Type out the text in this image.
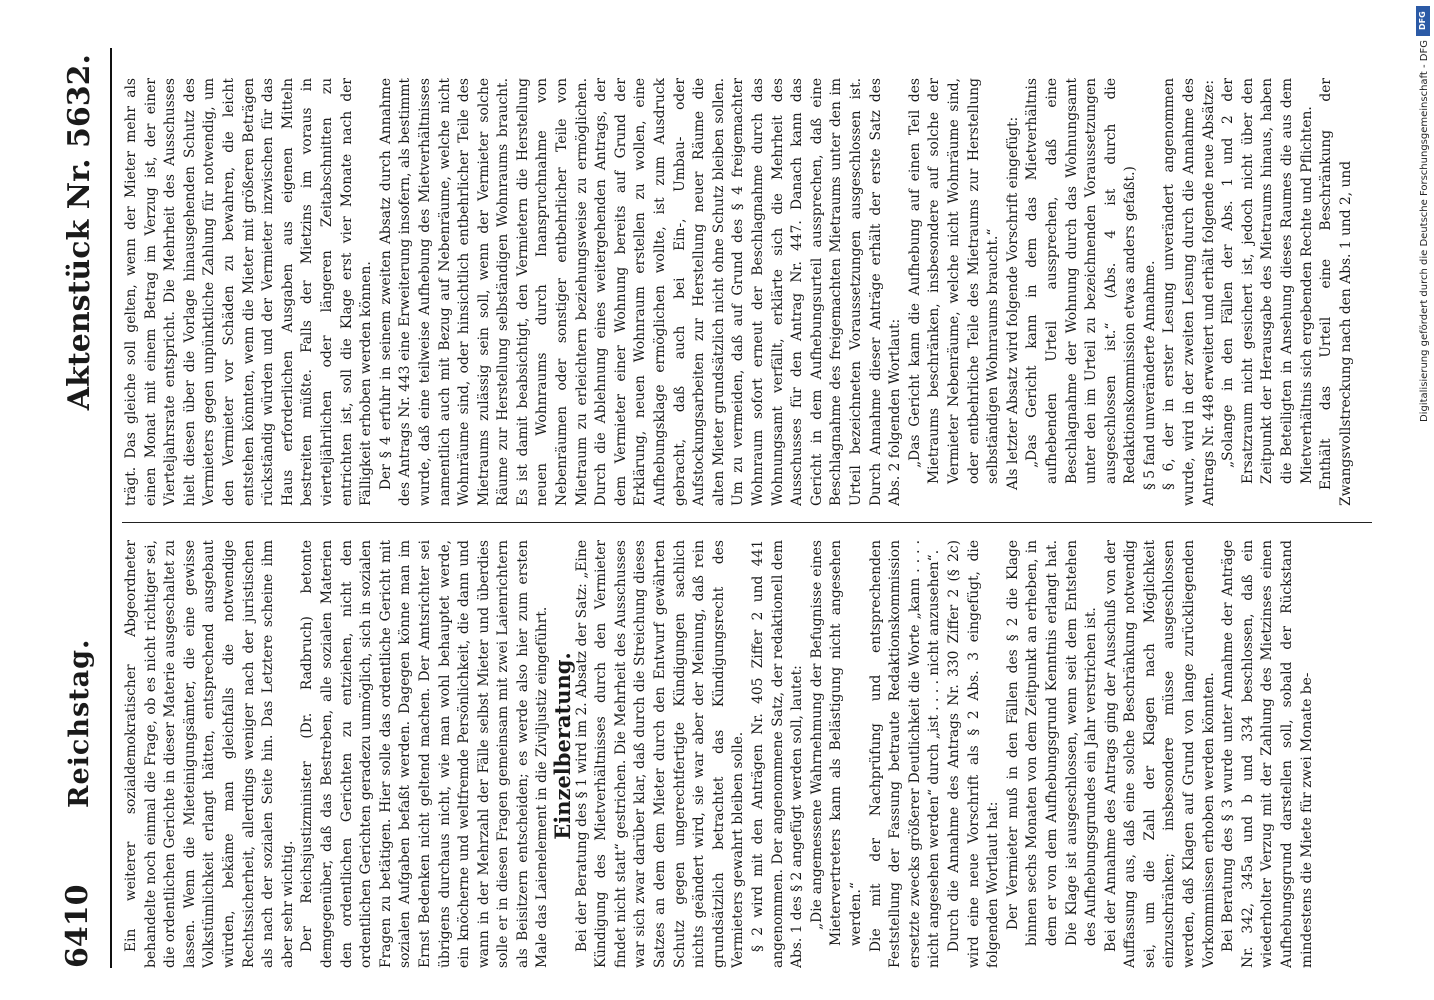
6410
Reichstag.
Aktenstück Nr. 5632.

Ein weiterer sozialdemokratischer Abgeordneter behandelte noch einmal die Frage, ob es nicht richtiger sei, die ordentlichen Gerichte in dieser Materie ausgeschaltet zu lassen. Wenn die Mieteinigungsämter, die eine gewisse Volkstümlichkeit erlangt hätten, entsprechend ausgebaut würden, bekäme man gleichfalls die notwendige Rechtssicherheit, allerdings weniger nach der juristischen als nach der sozialen Seite hin. Das Letztere scheine ihm aber sehr wichtig. Der Reichsjustizminister (Dr. Radbruch) betonte demgegenüber, daß das Bestreben, alle sozialen Materien den ordentlichen Gerichten zu entziehen, nicht den ordentlichen Gerichten geradezu unmöglich, sich in sozialen Fragen zu betätigen. Hier solle das ordentliche Gericht mit sozialen Aufgaben befaßt werden. Dagegen könne man im Ernst Bedenken nicht geltend machen. Der Amtsrichter sei übrigens durchaus nicht, wie man wohl behauptet werde, ein knöcherne und weltfremde Persönlichkeit, die dann und wann in der Mehrzahl der Fälle selbst Mieter und überdies solle er in diesen Fragen gemeinsam mit zwei Laienrichtern als Beisitzern entscheiden; es werde also hier zum ersten Male das Laienelement in die Ziviljustiz eingeführt. Einzelberatung.

Bei der Beratung des § 1 wird im 2. Absatz der Satz: „Eine Kündigung des Mietverhältnisses durch den Vermieter findet nicht statt“ gestrichen. Die Mehrheit des Ausschusses war sich zwar darüber klar, daß durch die Streichung dieses Satzes an dem dem Mieter durch den Entwurf gewährten Schutz gegen ungerechtfertigte Kündigungen sachlich nichts geändert wird, sie war aber der Meinung, daß rein grundsätzlich betrachtet das Kündigungsrecht des Vermieters gewahrt bleiben solle. § 2 wird mit den Anträgen Nr. 405 Ziffer 2 und 441 angenommen. Der angenommene Satz, der redaktionell dem Abs. 1 des § 2 angefügt werden soll, lautet: „Die angemessene Wahrnehmung der Befugnisse eines Mietervertreters kann als Belästigung nicht angesehen werden.“ Die mit der Nachprüfung und entsprechenden Feststellung der Fassung betraute Redaktionskommission ersetzte zwecks größerer Deutlichkeit die Worte „kann . . . . nicht angesehen werden“ durch „ist . . . . nicht anzusehen“. Durch die Annahme des Antrags Nr. 330 Ziffer 2 (§ 2c) wird eine neue Vorschrift als § 2 Abs. 3 eingefügt, die folgenden Wortlaut hat: Der Vermieter muß in den Fällen des § 2 die Klage binnen sechs Monaten von dem Zeitpunkt an erheben, in dem er von dem Aufhebungsgrund Kenntnis erlangt hat. Die Klage ist ausgeschlossen, wenn seit dem Entstehen des Aufhebungsgrundes ein Jahr verstrichen ist. Bei der Annahme des Antrags ging der Ausschuß von der Auffassung aus, daß eine solche Beschränkung notwendig sei, um die Zahl der Klagen nach Möglichkeit einzuschränken; insbesondere müsse ausgeschlossen werden, daß Klagen auf Grund von lange zurückliegenden Vorkommnissen erhoben werden könnten. Bei Beratung des § 3 wurde unter Annahme der Anträge Nr. 342, 345a und b und 334 beschlossen, daß ein wiederholter Verzug mit der Zahlung des Mietzinses einen Aufhebungsgrund darstellen soll, sobald der Rückstand mindestens die Miete für zwei Monate be-

trägt. Das gleiche soll gelten, wenn der Mieter mehr als einen Monat mit einem Betrag im Verzug ist, der einer Vierteljahrsrate entspricht. Die Mehrheit des Ausschusses hielt diesen über die Vorlage hinausgehenden Schutz des Vermieters gegen unpünktliche Zahlung für notwendig, um den Vermieter vor Schäden zu bewahren, die leicht entstehen könnten, wenn die Mieter mit größeren Beträgen rückständig würden und der Vermieter inzwischen für das Haus erforderlichen Ausgaben aus eigenen Mitteln bestreiten müßte. Falls der Mietzins im voraus in vierteljährlichen oder längeren Zeitabschnitten zu entrichten ist, soll die Klage erst vier Monate nach der Fälligkeit erhoben werden können. Der § 4 erfuhr in seinem zweiten Absatz durch Annahme des Antrags Nr. 443 eine Erweiterung insofern, als bestimmt wurde, daß eine teilweise Aufhebung des Mietverhältnisses namentlich auch mit Bezug auf Nebenräume, welche nicht Wohnräume sind, oder hinsichtlich entbehrlicher Teile des Mietraums zulässig sein soll, wenn der Vermieter solche Räume zur Herstellung selbständigen Wohnraums braucht. Es ist damit beabsichtigt, den Vermietern die Herstellung neuen Wohnraums durch Inanspruchnahme von Nebenräumen oder sonstiger entbehrlicher Teile von Mietraum zu erleichtern beziehungsweise zu ermöglichen. Durch die Ablehnung eines weitergehenden Antrags, der dem Vermieter einer Wohnung bereits auf Grund der Erklärung, neuen Wohnraum erstellen zu wollen, eine Aufhebungsklage ermöglichen wollte, ist zum Ausdruck gebracht, daß auch bei Ein-, Umbau- oder Aufstockungsarbeiten zur Herstellung neuer Räume die alten Mieter grundsätzlich nicht ohne Schutz bleiben sollen. Um zu vermeiden, daß auf Grund des § 4 freigemachter Wohnraum sofort erneut der Beschlagnahme durch das Wohnungsamt verfällt, erklärte sich die Mehrheit des Ausschusses für den Antrag Nr. 447. Danach kann das Gericht in dem Aufhebungsurteil aussprechen, daß eine Beschlagnahme des freigemachten Mietraums unter den im Urteil bezeichneten Voraussetzungen ausgeschlossen ist. Durch Annahme dieser Anträge erhält der erste Satz des Abs. 2 folgenden Wortlaut: „Das Gericht kann die Aufhebung auf einen Teil des Mietraums beschränken, insbesondere auf solche der Vermieter Nebenräume, welche nicht Wohnräume sind, oder entbehrliche Teile des Mietraums zur Herstellung selbständigen Wohnraums braucht.“ Als letzter Absatz wird folgende Vorschrift eingefügt: „Das Gericht kann in dem das Mietverhältnis aufhebenden Urteil aussprechen, daß eine Beschlagnahme der Wohnung durch das Wohnungsamt unter den im Urteil zu bezeichnenden Voraussetzungen ausgeschlossen ist.“ (Abs. 4 ist durch die Redaktionskommission etwas anders gefaßt.) § 5 fand unveränderte Annahme. § 6, der in erster Lesung unverändert angenommen wurde, wird in der zweiten Lesung durch die Annahme des Antrags Nr. 448 erweitert und erhält folgende neue Absätze: „Solange in den Fällen der Abs. 1 und 2 der Ersatzraum nicht gesichert ist, jedoch nicht über den Zeitpunkt der Herausgabe des Mietraums hinaus, haben die Beteiligten in Ansehung dieses Raumes die aus dem Mietverhältnis sich ergebenden Rechte und Pflichten. Enthält das Urteil eine Beschränkung der Zwangsvollstreckung nach den Abs. 1 und 2, und

DFG
Digitalisierung gefördert durch die Deutsche Forschungsgemeinschaft - DFG
